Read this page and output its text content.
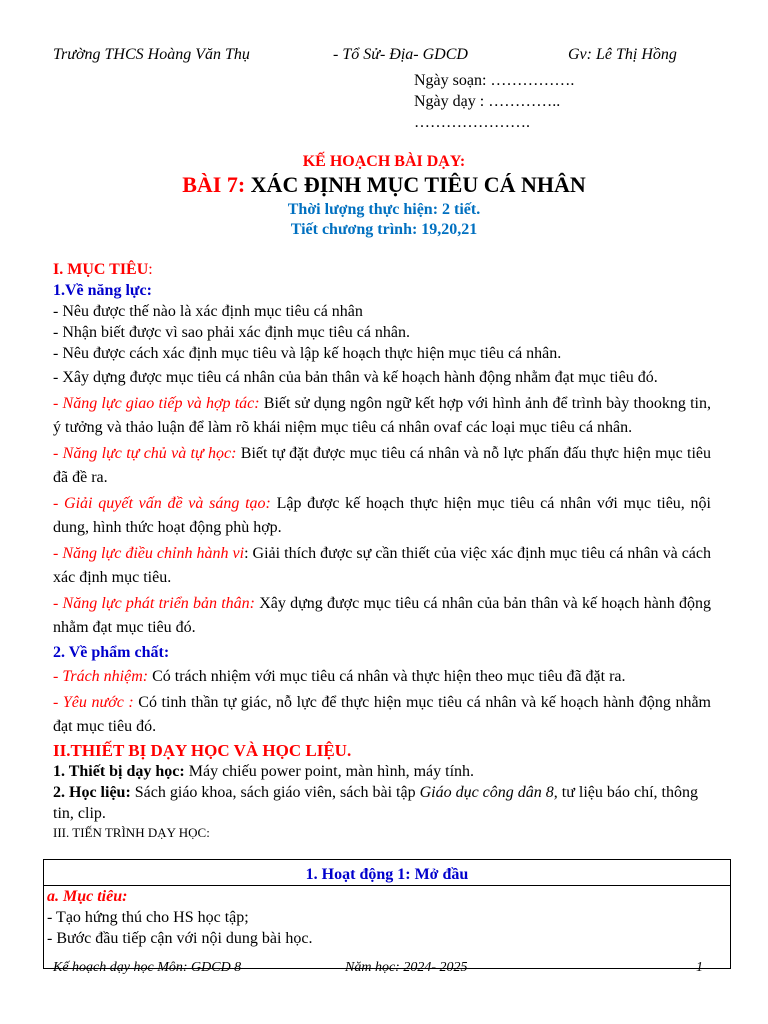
Trường THCS Hoàng Văn Thụ	- Tổ Sử- Địa- GDCD	Gv: Lê Thị Hồng
Ngày soạn: …………….
Ngày dạy : …………..
………………….
KẾ HOẠCH BÀI DẠY:
BÀI 7: XÁC ĐỊNH MỤC TIÊU CÁ NHÂN
Thời lượng thực hiện: 2 tiết.
Tiết chương trình: 19,20,21

I. MỤC TIÊU:

1.Về năng lực:

- Nêu được thế nào là xác định mục tiêu cá nhân

- Nhận biết được vì sao phải xác định mục tiêu cá nhân.

- Nêu được cách xác định mục tiêu và lập kế hoạch thực hiện mục tiêu cá nhân.

- Xây dựng được mục tiêu cá nhân của bản thân và kế hoạch hành động nhằm đạt mục tiêu đó.

- Năng lực giao tiếp và hợp tác: Biết sử dụng ngôn ngữ kết hợp với hình ảnh để trình bày thookng tin, ý tưởng và thảo luận để làm rõ khái niệm mục tiêu cá nhân ovaf các loại mục tiêu cá nhân.

- Năng lực tự chủ và tự học: Biết tự đặt được mục tiêu cá nhân và nỗ lực phấn đấu thực hiện mục tiêu đã đề ra.

- Giải quyết vấn đề và sáng tạo: Lập được kế hoạch thực hiện mục tiêu cá nhân với mục tiêu, nội dung, hình thức hoạt động phù hợp.

- Năng lực điều chỉnh hành vi: Giải thích được sự cần thiết của việc xác định mục tiêu cá nhân và cách xác định mục tiêu.

- Năng lực phát triển bản thân: Xây dựng được mục tiêu cá nhân của bản thân và kế hoạch hành động nhằm đạt mục tiêu đó.

2. Về phẩm chất:

- Trách nhiệm: Có trách nhiệm với mục tiêu cá nhân và thực hiện theo mục tiêu đã đặt ra.

- Yêu nước : Có tinh thần tự giác, nỗ lực để thực hiện mục tiêu cá nhân và kế hoạch hành động nhằm đạt mục tiêu đó.

II.THIẾT BỊ DẠY HỌC VÀ HỌC LIỆU.

1. Thiết bị dạy học: Máy chiếu power point, màn hình, máy tính.

2. Học liệu: Sách giáo khoa, sách giáo viên, sách bài tập Giáo dục công dân 8, tư liệu báo chí, thông tin, clip.

III. TIẾN TRÌNH DẠY HỌC:

1. Hoạt động 1: Mở đầu
a. Mục tiêu:
- Tạo hứng thú cho HS học tập;
- Bước đầu tiếp cận với nội dung bài học.
Kế hoạch dạy học Môn: GDCD 8	Năm học: 2024- 2025	1
